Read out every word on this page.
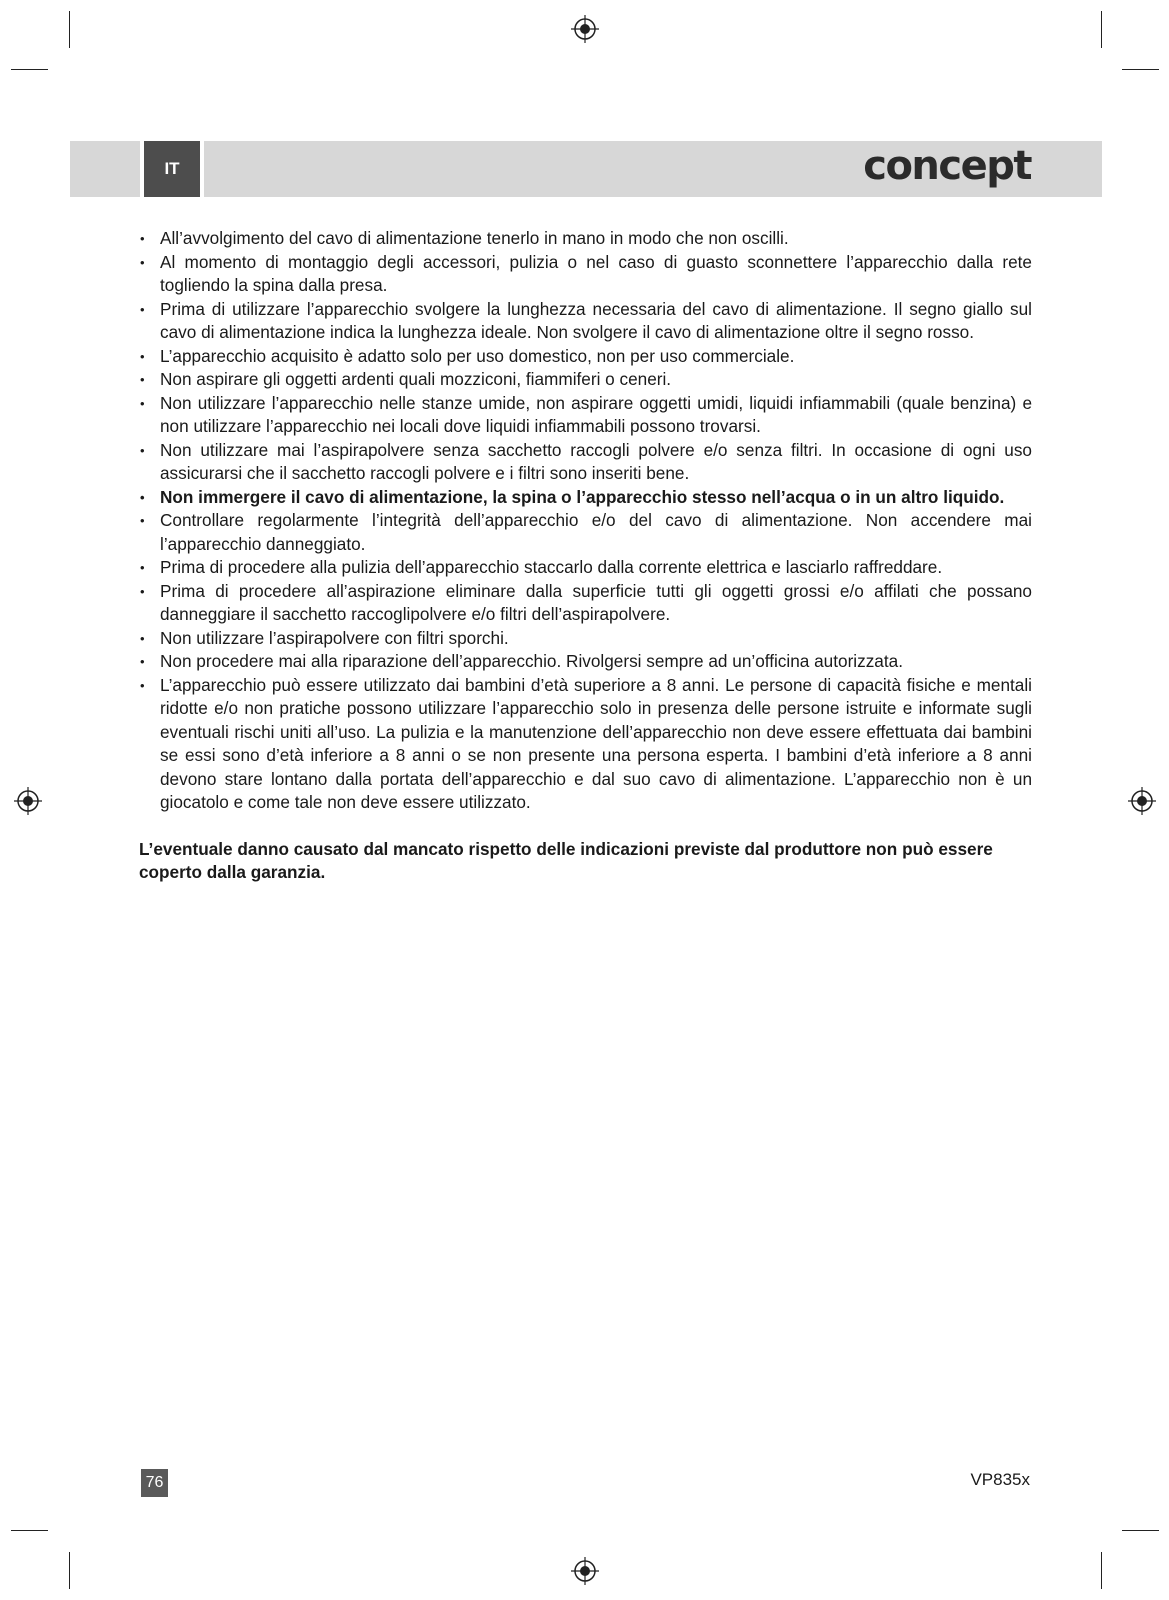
IT	concept
• All’avvolgimento del cavo di alimentazione tenerlo in mano in modo che non oscilli.
• Al momento di montaggio degli accessori, pulizia o nel caso di guasto sconnettere l’apparecchio dalla rete togliendo la spina dalla presa.
• Prima di utilizzare l’apparecchio svolgere la lunghezza necessaria del cavo di alimentazione. Il segno giallo sul cavo di alimentazione indica la lunghezza ideale. Non svolgere il cavo di alimentazione oltre il segno rosso.
• L’apparecchio acquisito è adatto solo per uso domestico, non per uso commerciale.
• Non aspirare gli oggetti ardenti quali mozziconi, fiammiferi o ceneri.
• Non utilizzare l’apparecchio nelle stanze umide, non aspirare oggetti umidi, liquidi infiammabili (quale benzina) e non utilizzare l’apparecchio nei locali dove liquidi infiammabili possono trovarsi.
• Non utilizzare mai l’aspirapolvere senza sacchetto raccogli polvere e/o senza filtri. In occasione di ogni uso assicurarsi che il sacchetto raccogli polvere e i filtri sono inseriti bene.
• Non immergere il cavo di alimentazione, la spina o l’apparecchio stesso nell’acqua o in un altro liquido.
• Controllare regolarmente l’integrità dell’apparecchio e/o del cavo di alimentazione. Non accendere mai l’apparecchio danneggiato.
• Prima di procedere alla pulizia dell’apparecchio staccarlo dalla corrente elettrica e lasciarlo raffreddare.
• Prima di procedere all’aspirazione eliminare dalla superficie tutti gli oggetti grossi e/o affilati che possano danneggiare il sacchetto raccoglipolvere e/o filtri dell’aspirapolvere.
• Non utilizzare l’aspirapolvere con filtri sporchi.
• Non procedere mai alla riparazione dell’apparecchio. Rivolgersi sempre ad un’officina autorizzata.
• L’apparecchio può essere utilizzato dai bambini d’età superiore a 8 anni. Le persone di capacità fisiche e mentali ridotte e/o non pratiche possono utilizzare l’apparecchio solo in presenza delle persone istruite e informate sugli eventuali rischi uniti all’uso. La pulizia e la manutenzione dell’apparecchio non deve essere effettuata dai bambini se essi sono d’età inferiore a 8 anni o se non presente una persona esperta. I bambini d’età inferiore a 8 anni devono stare lontano dalla portata dell’apparecchio e dal suo cavo di alimentazione. L’apparecchio non è un giocatolo e come tale non deve essere utilizzato.

L’eventuale danno causato dal mancato rispetto delle indicazioni previste dal produttore non può essere coperto dalla garanzia.

76	VP835x
